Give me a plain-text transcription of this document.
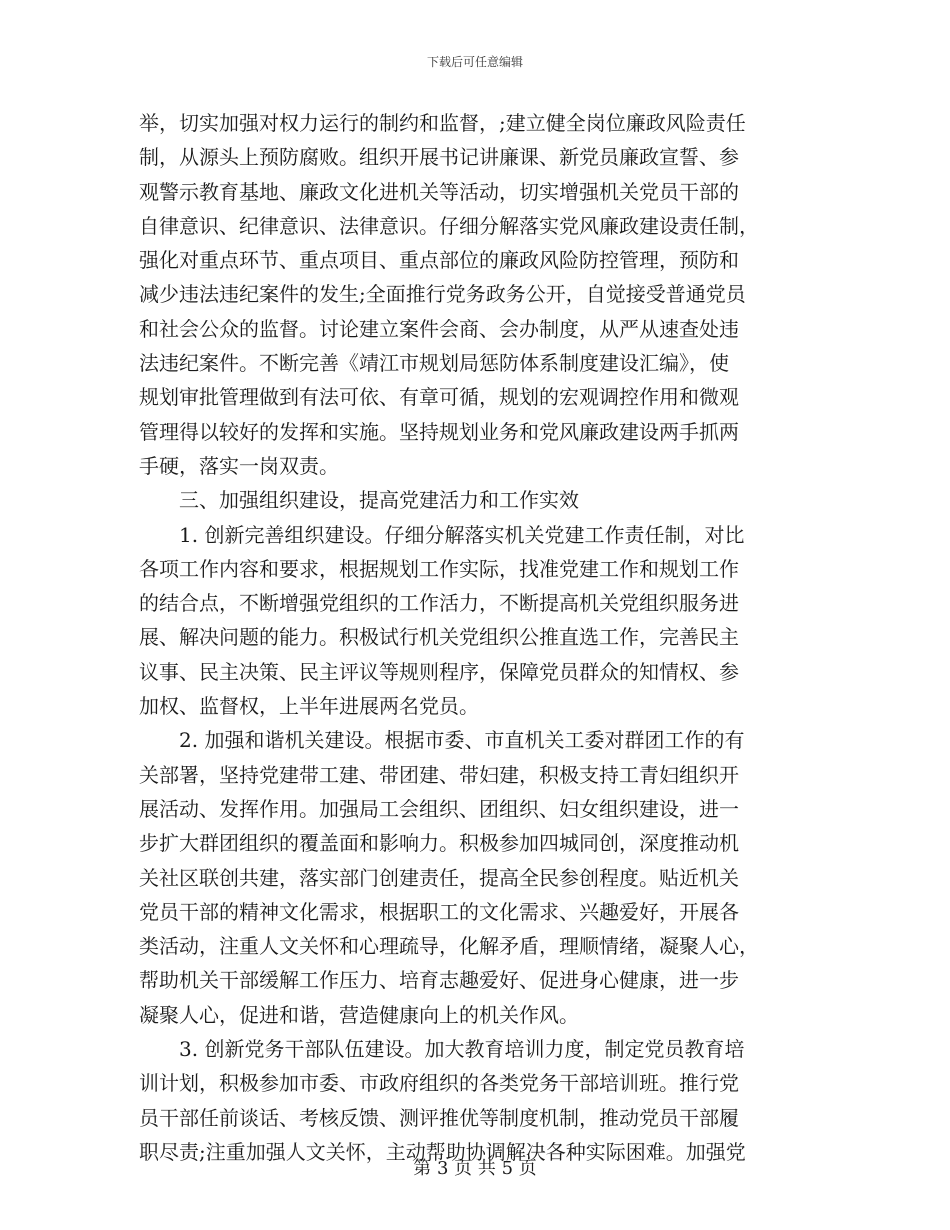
下载后可任意编辑
举，切实加强对权力运行的制约和监督，;建立健全岗位廉政风险责任
制，从源头上预防腐败。组织开展书记讲廉课、新党员廉政宣誓、参
观警示教育基地、廉政文化进机关等活动，切实增强机关党员干部的
自律意识、纪律意识、法律意识。仔细分解落实党风廉政建设责任制，
强化对重点环节、重点项目、重点部位的廉政风险防控管理，预防和
减少违法违纪案件的发生;全面推行党务政务公开，自觉接受普通党员
和社会公众的监督。讨论建立案件会商、会办制度，从严从速查处违
法违纪案件。不断完善《靖江市规划局惩防体系制度建设汇编》，使
规划审批管理做到有法可依、有章可循，规划的宏观调控作用和微观
管理得以较好的发挥和实施。坚持规划业务和党风廉政建设两手抓两
手硬，落实一岗双责。
　　三、加强组织建设，提高党建活力和工作实效
　　1. 创新完善组织建设。仔细分解落实机关党建工作责任制，对比
各项工作内容和要求，根据规划工作实际，找准党建工作和规划工作
的结合点，不断增强党组织的工作活力，不断提高机关党组织服务进
展、解决问题的能力。积极试行机关党组织公推直选工作，完善民主
议事、民主决策、民主评议等规则程序，保障党员群众的知情权、参
加权、监督权，上半年进展两名党员。
　　2. 加强和谐机关建设。根据市委、市直机关工委对群团工作的有
关部署，坚持党建带工建、带团建、带妇建，积极支持工青妇组织开
展活动、发挥作用。加强局工会组织、团组织、妇女组织建设，进一
步扩大群团组织的覆盖面和影响力。积极参加四城同创，深度推动机
关社区联创共建，落实部门创建责任，提高全民参创程度。贴近机关
党员干部的精神文化需求，根据职工的文化需求、兴趣爱好，开展各
类活动，注重人文关怀和心理疏导，化解矛盾，理顺情绪，凝聚人心，
帮助机关干部缓解工作压力、培育志趣爱好、促进身心健康，进一步
凝聚人心，促进和谐，营造健康向上的机关作风。
　　3. 创新党务干部队伍建设。加大教育培训力度，制定党员教育培
训计划，积极参加市委、市政府组织的各类党务干部培训班。推行党
员干部任前谈话、考核反馈、测评推优等制度机制，推动党员干部履
职尽责;注重加强人文关怀，主动帮助协调解决各种实际困难。加强党
第 3 页 共 5 页
